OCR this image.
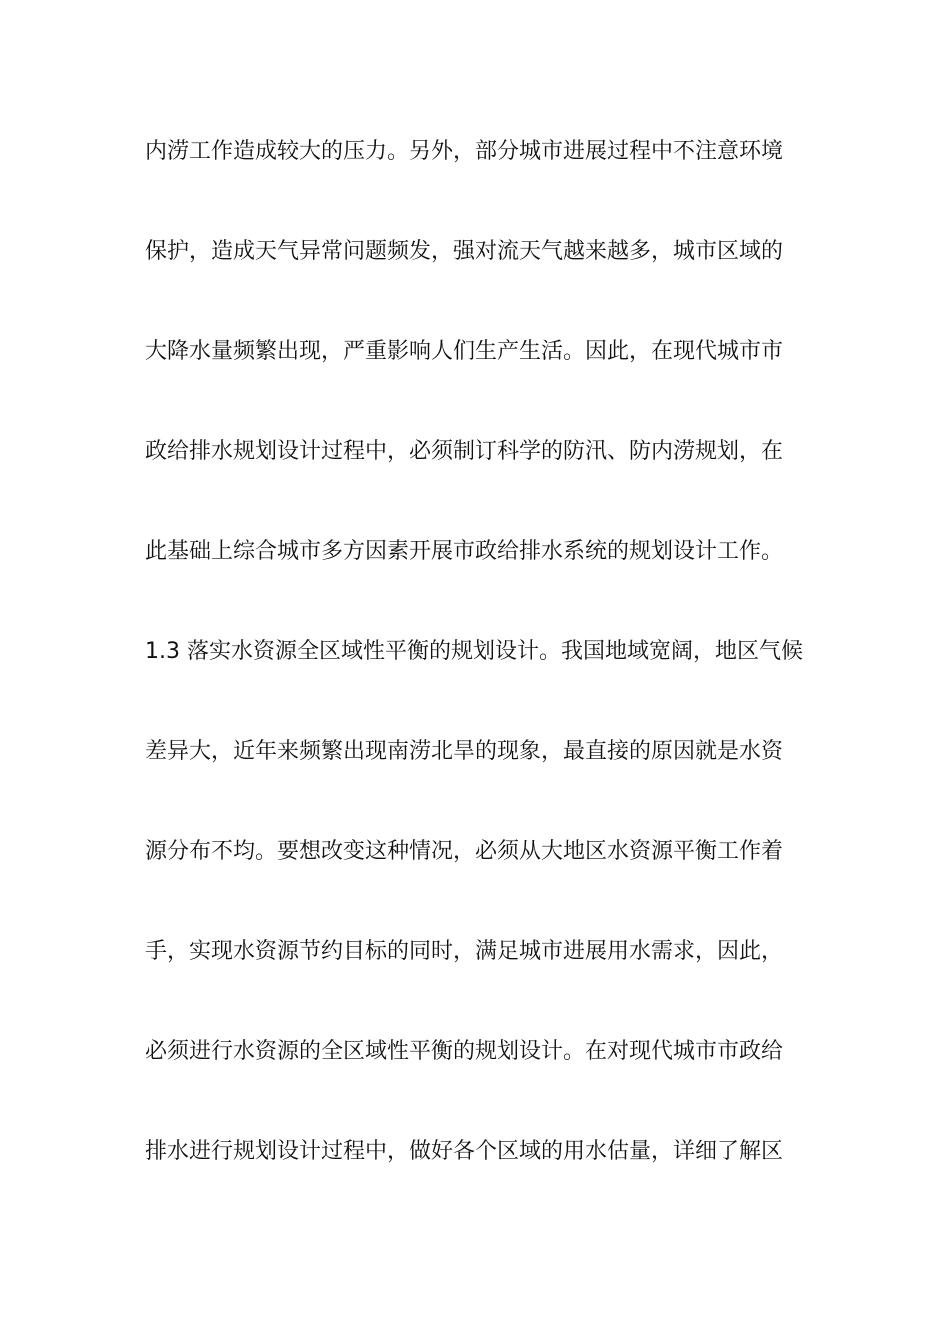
内涝工作造成较大的压力。另外，部分城市进展过程中不注意环境
保护，造成天气异常问题频发，强对流天气越来越多，城市区域的
大降水量频繁出现，严重影响人们生产生活。因此，在现代城市市
政给排水规划设计过程中，必须制订科学的防汛、防内涝规划，在
此基础上综合城市多方因素开展市政给排水系统的规划设计工作。
1.3 落实水资源全区域性平衡的规划设计。我国地域宽阔，地区气候
差异大，近年来频繁出现南涝北旱的现象，最直接的原因就是水资
源分布不均。要想改变这种情况，必须从大地区水资源平衡工作着
手，实现水资源节约目标的同时，满足城市进展用水需求，因此，
必须进行水资源的全区域性平衡的规划设计。在对现代城市市政给
排水进行规划设计过程中，做好各个区域的用水估量，详细了解区
